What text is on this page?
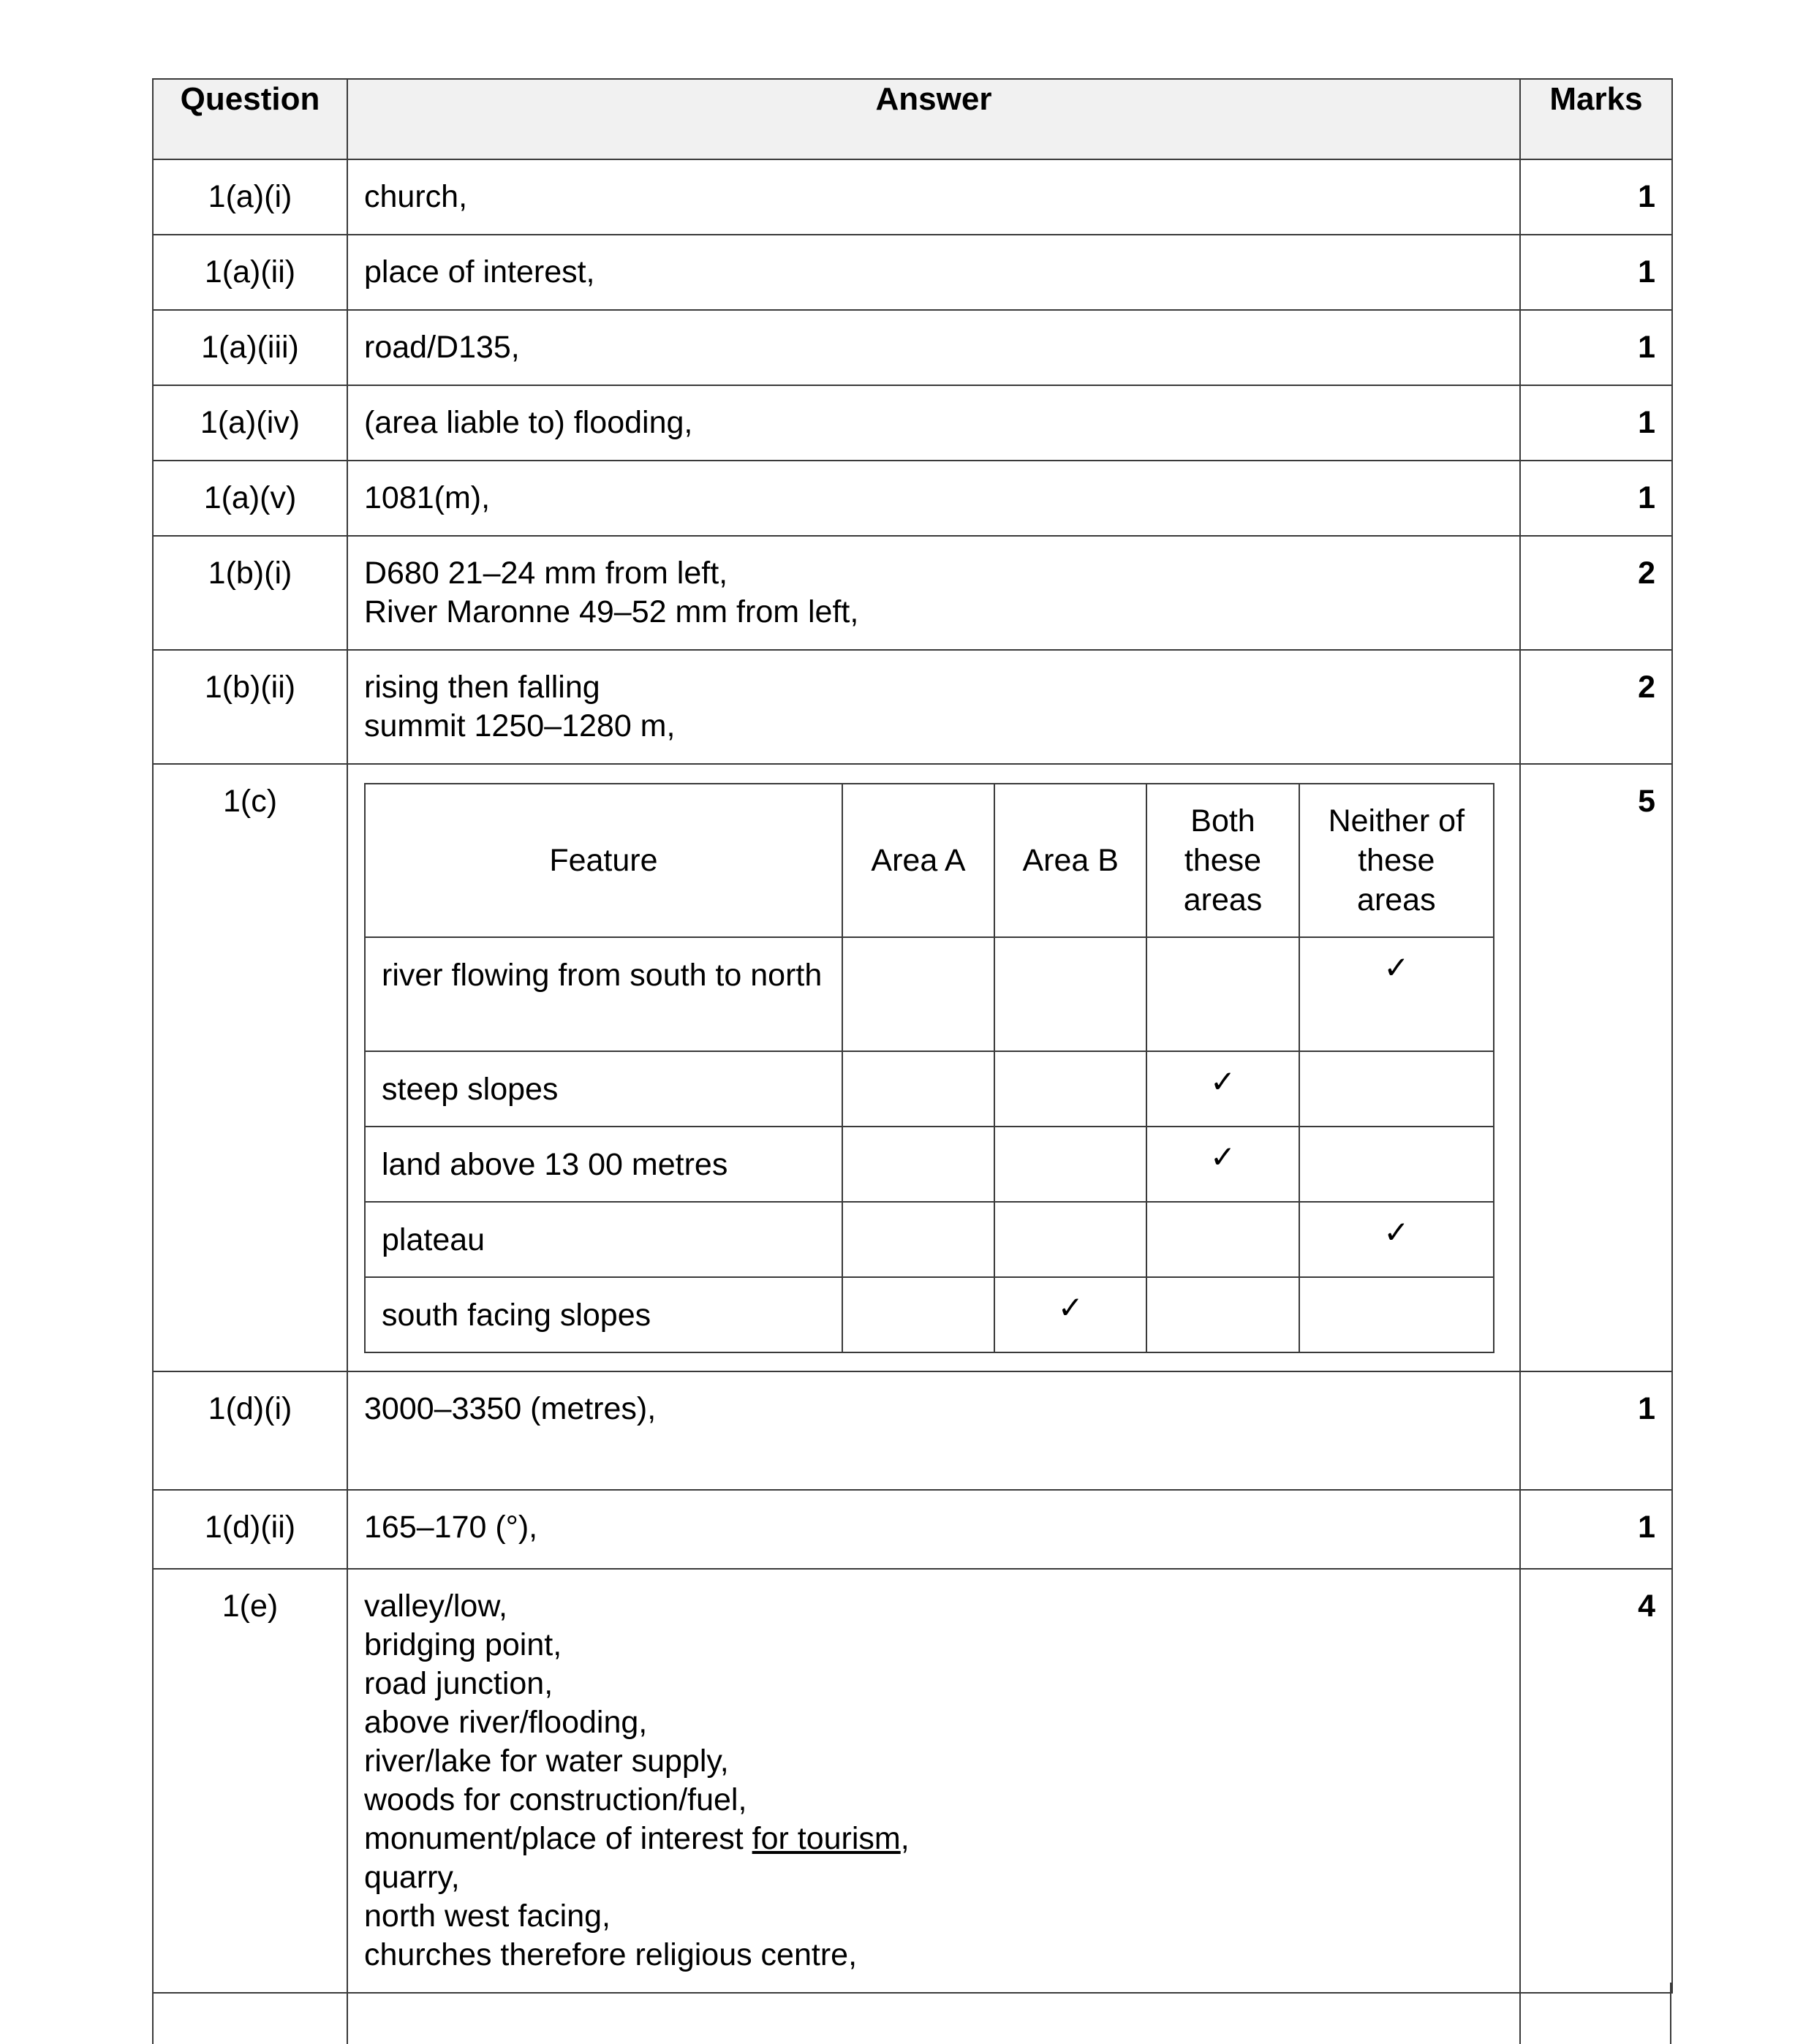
Question	Answer	Marks
1(a)(i)	church,	1
1(a)(ii)	place of interest,	1
1(a)(iii)	road/D135,	1
1(a)(iv)	(area liable to) flooding,	1
1(a)(v)	1081(m),	1
1(b)(i)	D680 21–24 mm from left,
River Maronne 49–52 mm from left,
	2
1(b)(ii)	rising then falling
summit 1250–1280 m,
	2
1(c)	
Feature	Area A	Area B	Both these areas	Neither of these areas
river flowing from south to north				✓
steep slopes			✓	
land above 13 00 metres			✓	
plateau				✓
south facing slopes		✓		
	5
1(d)(i)	3000–3350 (metres),	1
1(d)(ii)	165–170 (°),	1
1(e)	valley/low,
bridging point,
road junction,
above river/flooding,
river/lake for water supply,
woods for construction/fuel,
monument/place of interest for tourism,
quarry,
north west facing,
churches therefore religious centre,
	4
